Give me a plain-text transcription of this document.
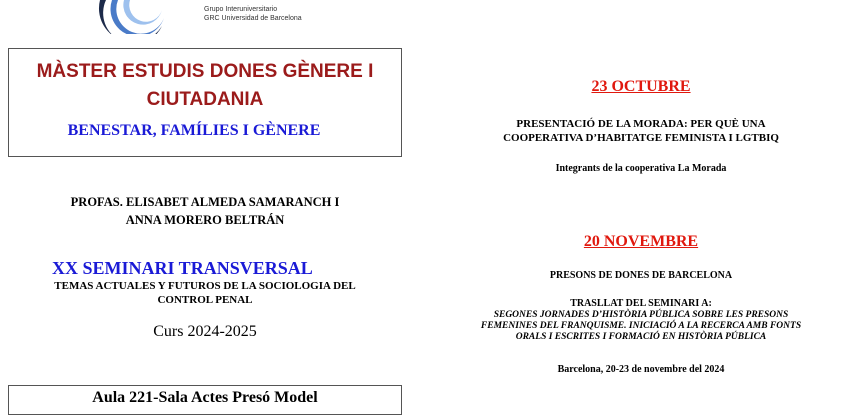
Grupo Interuniversitario
GRC Universidad de Barcelona
MÀSTER ESTUDIS DONES GÈNERE I
CIUTADANIA
BENESTAR, FAMÍLIES I GÈNERE
PROFAS. ELISABET ALMEDA SAMARANCH I
ANNA MORERO BELTRÁN
XX SEMINARI TRANSVERSAL
TEMAS ACTUALES Y FUTUROS DE LA SOCIOLOGIA DEL
CONTROL PENAL
Curs 2024-2025
Aula 221-Sala Actes Presó Model
23 OCTUBRE
PRESENTACIÓ DE LA MORADA: PER QUÈ UNA
COOPERATIVA D’HABITATGE FEMINISTA I LGTBIQ
Integrants de la cooperativa La Morada
20 NOVEMBRE
PRESONS DE DONES DE BARCELONA
TRASLLAT DEL SEMINARI A:
SEGONES JORNADES D’HISTÒRIA PÚBLICA SOBRE LES PRESONS
FEMENINES DEL FRANQUISME. INICIACIÓ A LA RECERCA AMB FONTS
ORALS I ESCRITES I FORMACIÓ EN HISTÒRIA PÚBLICA
Barcelona, 20-23 de novembre del 2024
